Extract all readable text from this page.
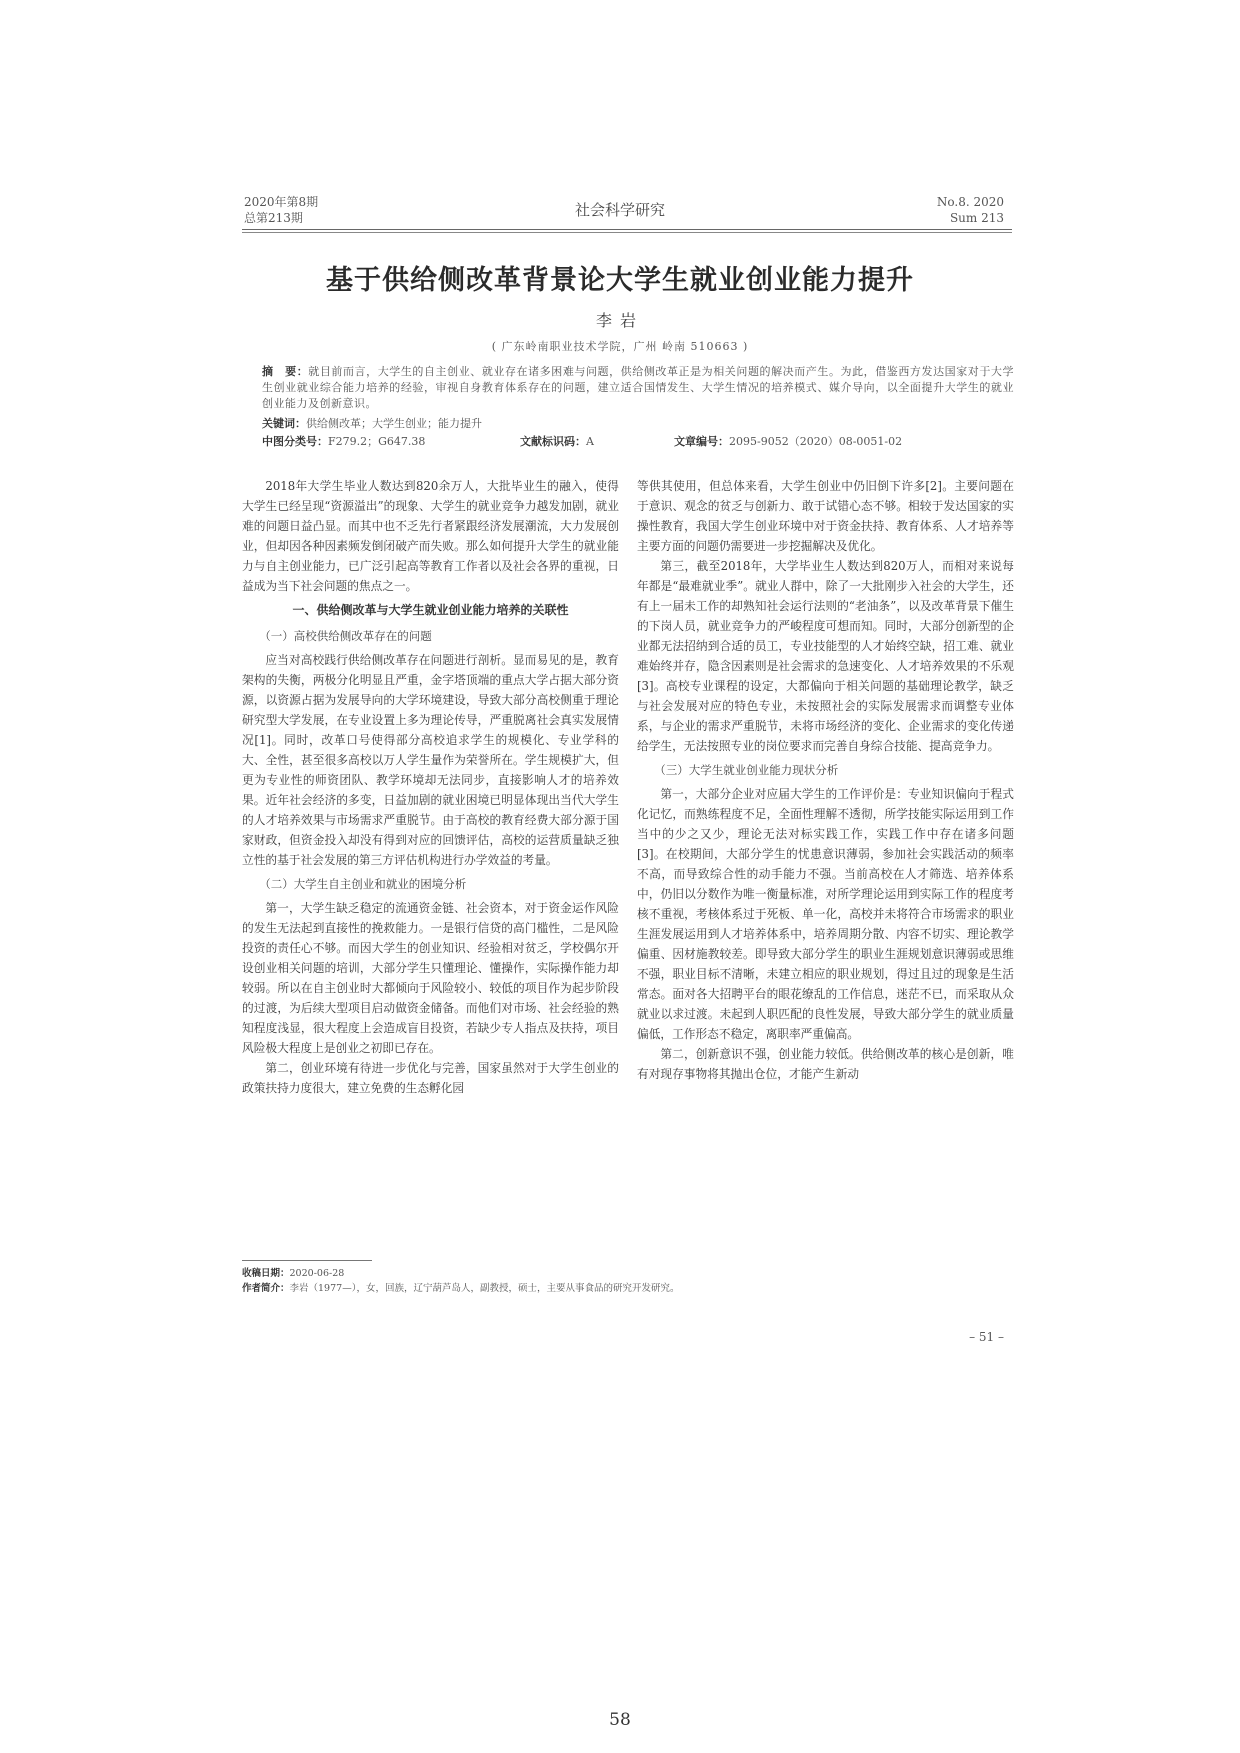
2020年第8期
总第213期	社会科学研究	No.8. 2020
Sum 213
基于供给侧改革背景论大学生就业创业能力提升
李岩
( 广东岭南职业技术学院，广州 岭南 510663 )
摘　要：就目前而言，大学生的自主创业、就业存在诸多困难与问题，供给侧改革正是为相关问题的解决而产生。为此，借鉴西方发达国家对于大学生创业就业综合能力培养的经验，审视自身教育体系存在的问题，建立适合国情发生、大学生情况的培养模式、媒介导向，以全面提升大学生的就业创业能力及创新意识。
关键词：供给侧改革；大学生创业；能力提升
中图分类号：F279.2；G647.38	文献标识码：A	文章编号：2095-9052（2020）08-0051-02

2018年大学生毕业人数达到820余万人，大批毕业生的融入，使得大学生已经呈现“资源溢出”的现象、大学生的就业竞争力越发加剧，就业难的问题日益凸显。而其中也不乏先行者紧跟经济发展潮流，大力发展创业，但却因各种因素频发倒闭破产而失败。那么如何提升大学生的就业能力与自主创业能力，已广泛引起高等教育工作者以及社会各界的重视，日益成为当下社会问题的焦点之一。

一、供给侧改革与大学生就业创业能力培养的关联性
（一）高校供给侧改革存在的问题

应当对高校践行供给侧改革存在问题进行剖析。显而易见的是，教育架构的失衡，两极分化明显且严重，金字塔顶端的重点大学占据大部分资源，以资源占据为发展导向的大学环境建设，导致大部分高校侧重于理论研究型大学发展，在专业设置上多为理论传导，严重脱离社会真实发展情况[1]。同时，改革口号使得部分高校追求学生的规模化、专业学科的大、全性，甚至很多高校以万人学生量作为荣誉所在。学生规模扩大，但更为专业性的师资团队、教学环境却无法同步，直接影响人才的培养效果。近年社会经济的多变，日益加剧的就业困境已明显体现出当代大学生的人才培养效果与市场需求严重脱节。由于高校的教育经费大部分源于国家财政，但资金投入却没有得到对应的回馈评估，高校的运营质量缺乏独立性的基于社会发展的第三方评估机构进行办学效益的考量。

（二）大学生自主创业和就业的困境分析

第一，大学生缺乏稳定的流通资金链、社会资本，对于资金运作风险的发生无法起到直接性的挽救能力。一是银行信贷的高门槛性，二是风险投资的责任心不够。而因大学生的创业知识、经验相对贫乏，学校偶尔开设创业相关问题的培训，大部分学生只懂理论、懂操作，实际操作能力却较弱。所以在自主创业时大都倾向于风险较小、较低的项目作为起步阶段的过渡，为后续大型项目启动做资金储备。而他们对市场、社会经验的熟知程度浅显，很大程度上会造成盲目投资，若缺少专人指点及扶持，项目风险极大程度上是创业之初即已存在。

第二，创业环境有待进一步优化与完善，国家虽然对于大学生创业的政策扶持力度很大，建立免费的生态孵化园

等供其使用，但总体来看，大学生创业中仍旧倒下许多[2]。主要问题在于意识、观念的贫乏与创新力、敢于试错心态不够。相较于发达国家的实操性教育，我国大学生创业环境中对于资金扶持、教育体系、人才培养等主要方面的问题仍需要进一步挖掘解决及优化。

第三，截至2018年，大学毕业生人数达到820万人，而相对来说每年都是“最难就业季”。就业人群中，除了一大批刚步入社会的大学生，还有上一届未工作的却熟知社会运行法则的“老油条”，以及改革背景下催生的下岗人员，就业竞争力的严峻程度可想而知。同时，大部分创新型的企业都无法招纳到合适的员工，专业技能型的人才始终空缺，招工难、就业难始终并存，隐含因素则是社会需求的急速变化、人才培养效果的不乐观[3]。高校专业课程的设定，大都偏向于相关问题的基础理论教学，缺乏与社会发展对应的特色专业，未按照社会的实际发展需求而调整专业体系，与企业的需求严重脱节，未将市场经济的变化、企业需求的变化传递给学生，无法按照专业的岗位要求而完善自身综合技能、提高竞争力。

（三）大学生就业创业能力现状分析

第一，大部分企业对应届大学生的工作评价是：专业知识偏向于程式化记忆，而熟练程度不足，全面性理解不透彻，所学技能实际运用到工作当中的少之又少，理论无法对标实践工作，实践工作中存在诸多问题[3]。在校期间，大部分学生的忧患意识薄弱，参加社会实践活动的频率不高，而导致综合性的动手能力不强。当前高校在人才筛选、培养体系中，仍旧以分数作为唯一衡量标准，对所学理论运用到实际工作的程度考核不重视，考核体系过于死板、单一化，高校并未将符合市场需求的职业生涯发展运用到人才培养体系中，培养周期分散、内容不切实、理论教学偏重、因材施教较差。即导致大部分学生的职业生涯规划意识薄弱或思维不强，职业目标不清晰，未建立相应的职业规划，得过且过的现象是生活常态。面对各大招聘平台的眼花缭乱的工作信息，迷茫不已，而采取从众就业以求过渡。未起到人职匹配的良性发展，导致大部分学生的就业质量偏低，工作形态不稳定，离职率严重偏高。

第二，创新意识不强，创业能力较低。供给侧改革的核心是创新，唯有对现存事物将其抛出仓位，才能产生新动

收稿日期：2020-06-28
作者简介：李岩（1977—），女，回族，辽宁葫芦岛人，副教授，硕士，主要从事食品的研究开发研究。
– 51 –
58
